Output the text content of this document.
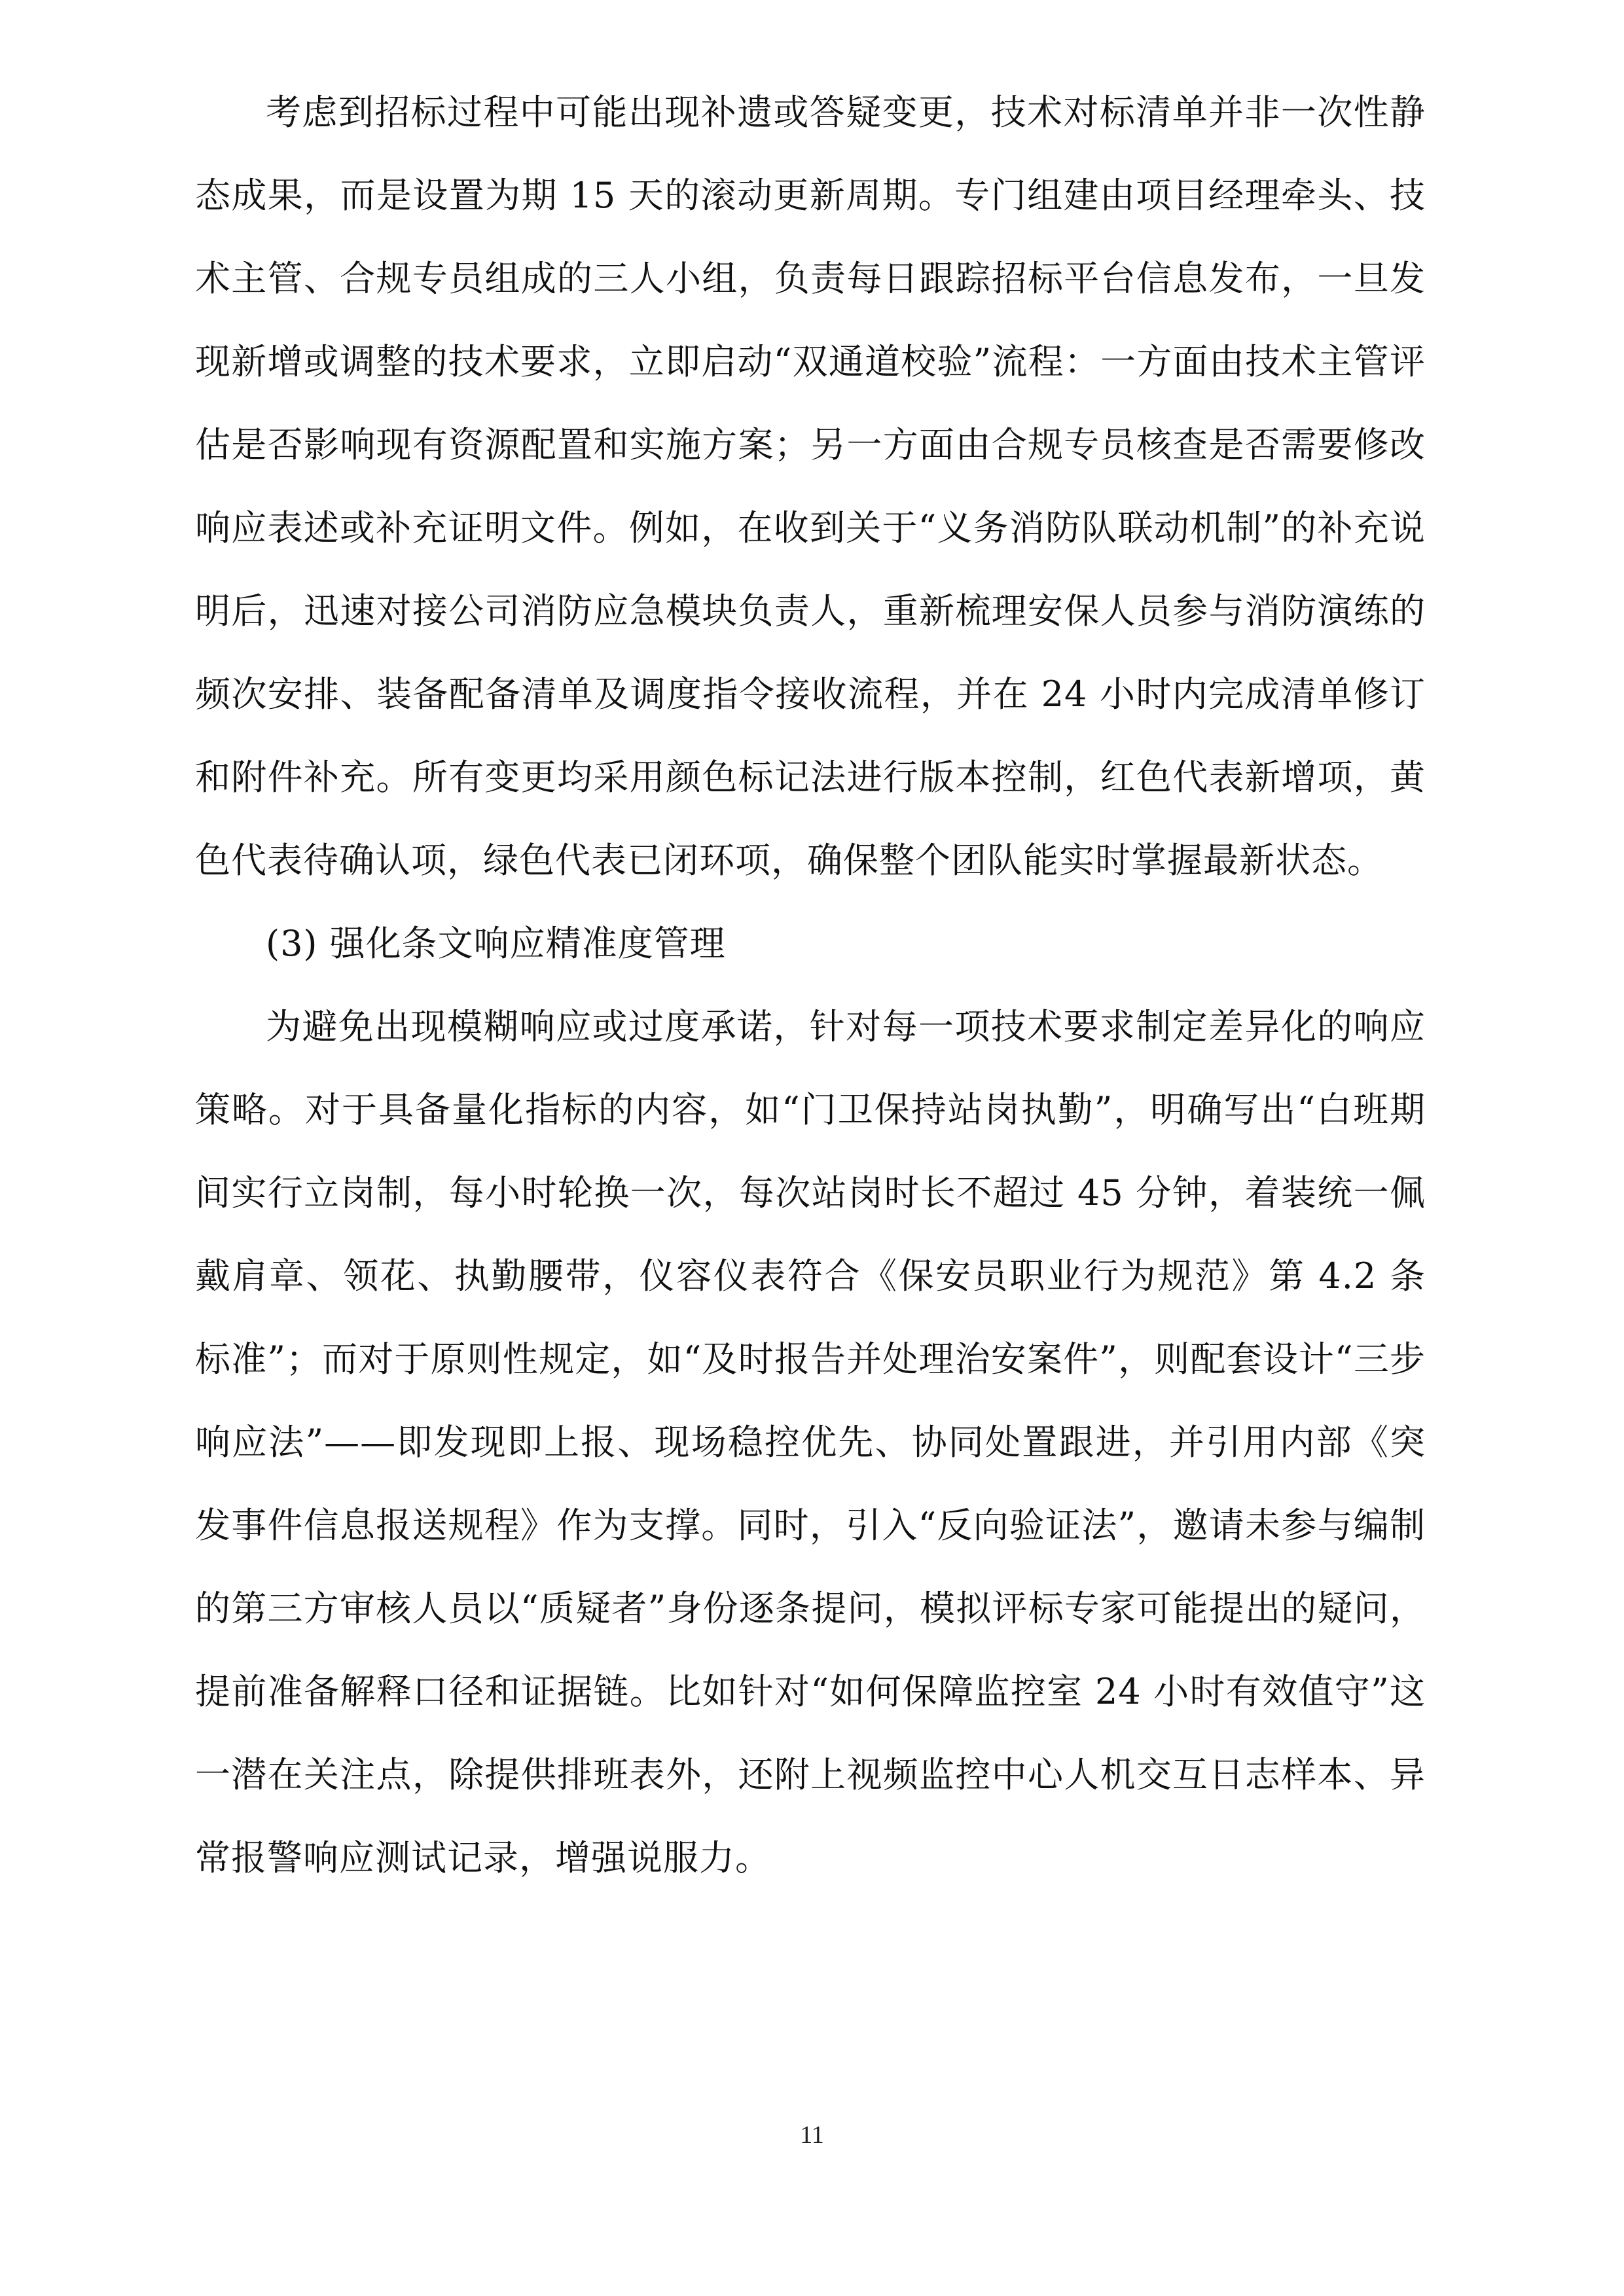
考虑到招标过程中可能出现补遗或答疑变更，技术对标清单并非一次性静态成果，而是设置为期 15 天的滚动更新周期。专门组建由项目经理牵头、技术主管、合规专员组成的三人小组，负责每日跟踪招标平台信息发布，一旦发现新增或调整的技术要求，立即启动“双通道校验”流程：一方面由技术主管评估是否影响现有资源配置和实施方案；另一方面由合规专员核查是否需要修改响应表述或补充证明文件。例如，在收到关于“义务消防队联动机制”的补充说明后，迅速对接公司消防应急模块负责人，重新梳理安保人员参与消防演练的频次安排、装备配备清单及调度指令接收流程，并在 24 小时内完成清单修订和附件补充。所有变更均采用颜色标记法进行版本控制，红色代表新增项，黄色代表待确认项，绿色代表已闭环项，确保整个团队能实时掌握最新状态。

(3) 强化条文响应精准度管理

为避免出现模糊响应或过度承诺，针对每一项技术要求制定差异化的响应策略。对于具备量化指标的内容，如“门卫保持站岗执勤”，明确写出“白班期间实行立岗制，每小时轮换一次，每次站岗时长不超过 45 分钟，着装统一佩戴肩章、领花、执勤腰带，仪容仪表符合《保安员职业行为规范》第 4.2 条标准”；而对于原则性规定，如“及时报告并处理治安案件”，则配套设计“三步响应法”——即发现即上报、现场稳控优先、协同处置跟进，并引用内部《突发事件信息报送规程》作为支撑。同时，引入“反向验证法”，邀请未参与编制的第三方审核人员以“质疑者”身份逐条提问，模拟评标专家可能提出的疑问，提前准备解释口径和证据链。比如针对“如何保障监控室 24 小时有效值守”这一潜在关注点，除提供排班表外，还附上视频监控中心人机交互日志样本、异常报警响应测试记录，增强说服力。

11
